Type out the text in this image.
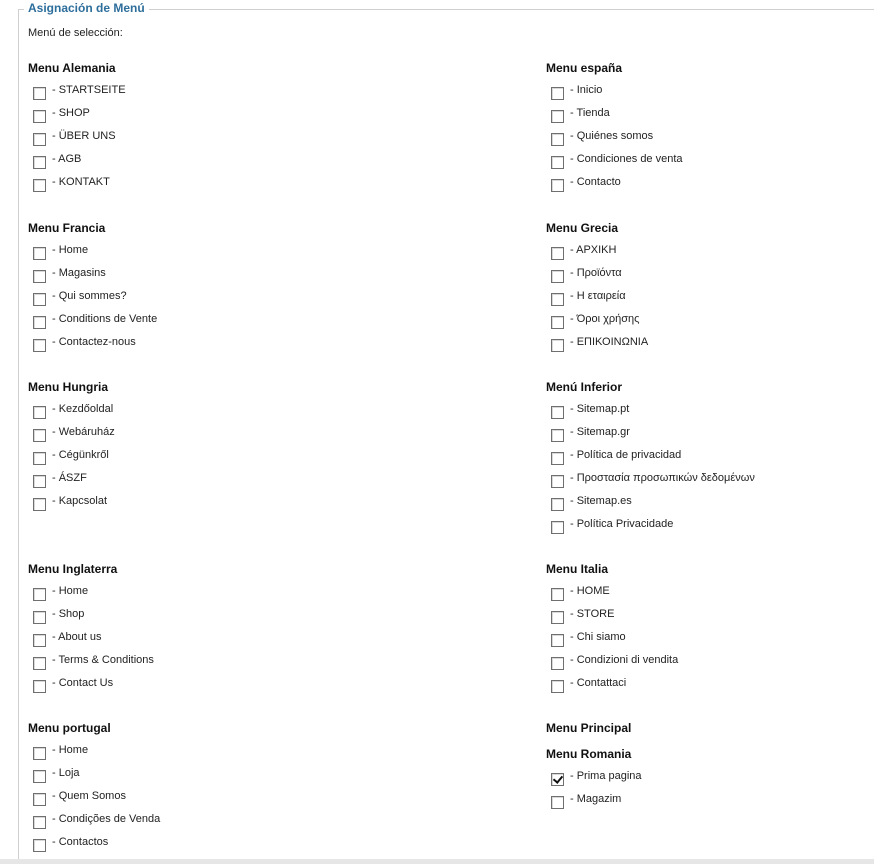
Asignación de Menú
Menú de selección:
Menu Alemania
- STARTSEITE
- SHOP
- ÜBER UNS
- AGB
- KONTAKT
Menu españa
- Inicio
- Tienda
- Quiénes somos
- Condiciones de venta
- Contacto
Menu Francia
- Home
- Magasins
- Qui sommes?
- Conditions de Vente
- Contactez-nous
Menu Grecia
- ΑΡΧΙΚΗ
- Προϊόντα
- Η εταιρεία
- Όροι χρήσης
- ΕΠΙΚΟΙΝΩΝΙΑ
Menu Hungria
- Kezdőoldal
- Webáruház
- Cégünkről
- ÁSZF
- Kapcsolat
Menú Inferior
- Sitemap.pt
- Sitemap.gr
- Política de privacidad
- Προστασία προσωπικών δεδομένων
- Sitemap.es
- Política Privacidade
Menu Inglaterra
- Home
- Shop
- About us
- Terms & Conditions
- Contact Us
Menu Italia
- HOME
- STORE
- Chi siamo
- Condizioni di vendita
- Contattaci
Menu portugal
- Home
- Loja
- Quem Somos
- Condições de Venda
- Contactos
Menu Principal
Menu Romania
- Prima pagina
- Magazim
